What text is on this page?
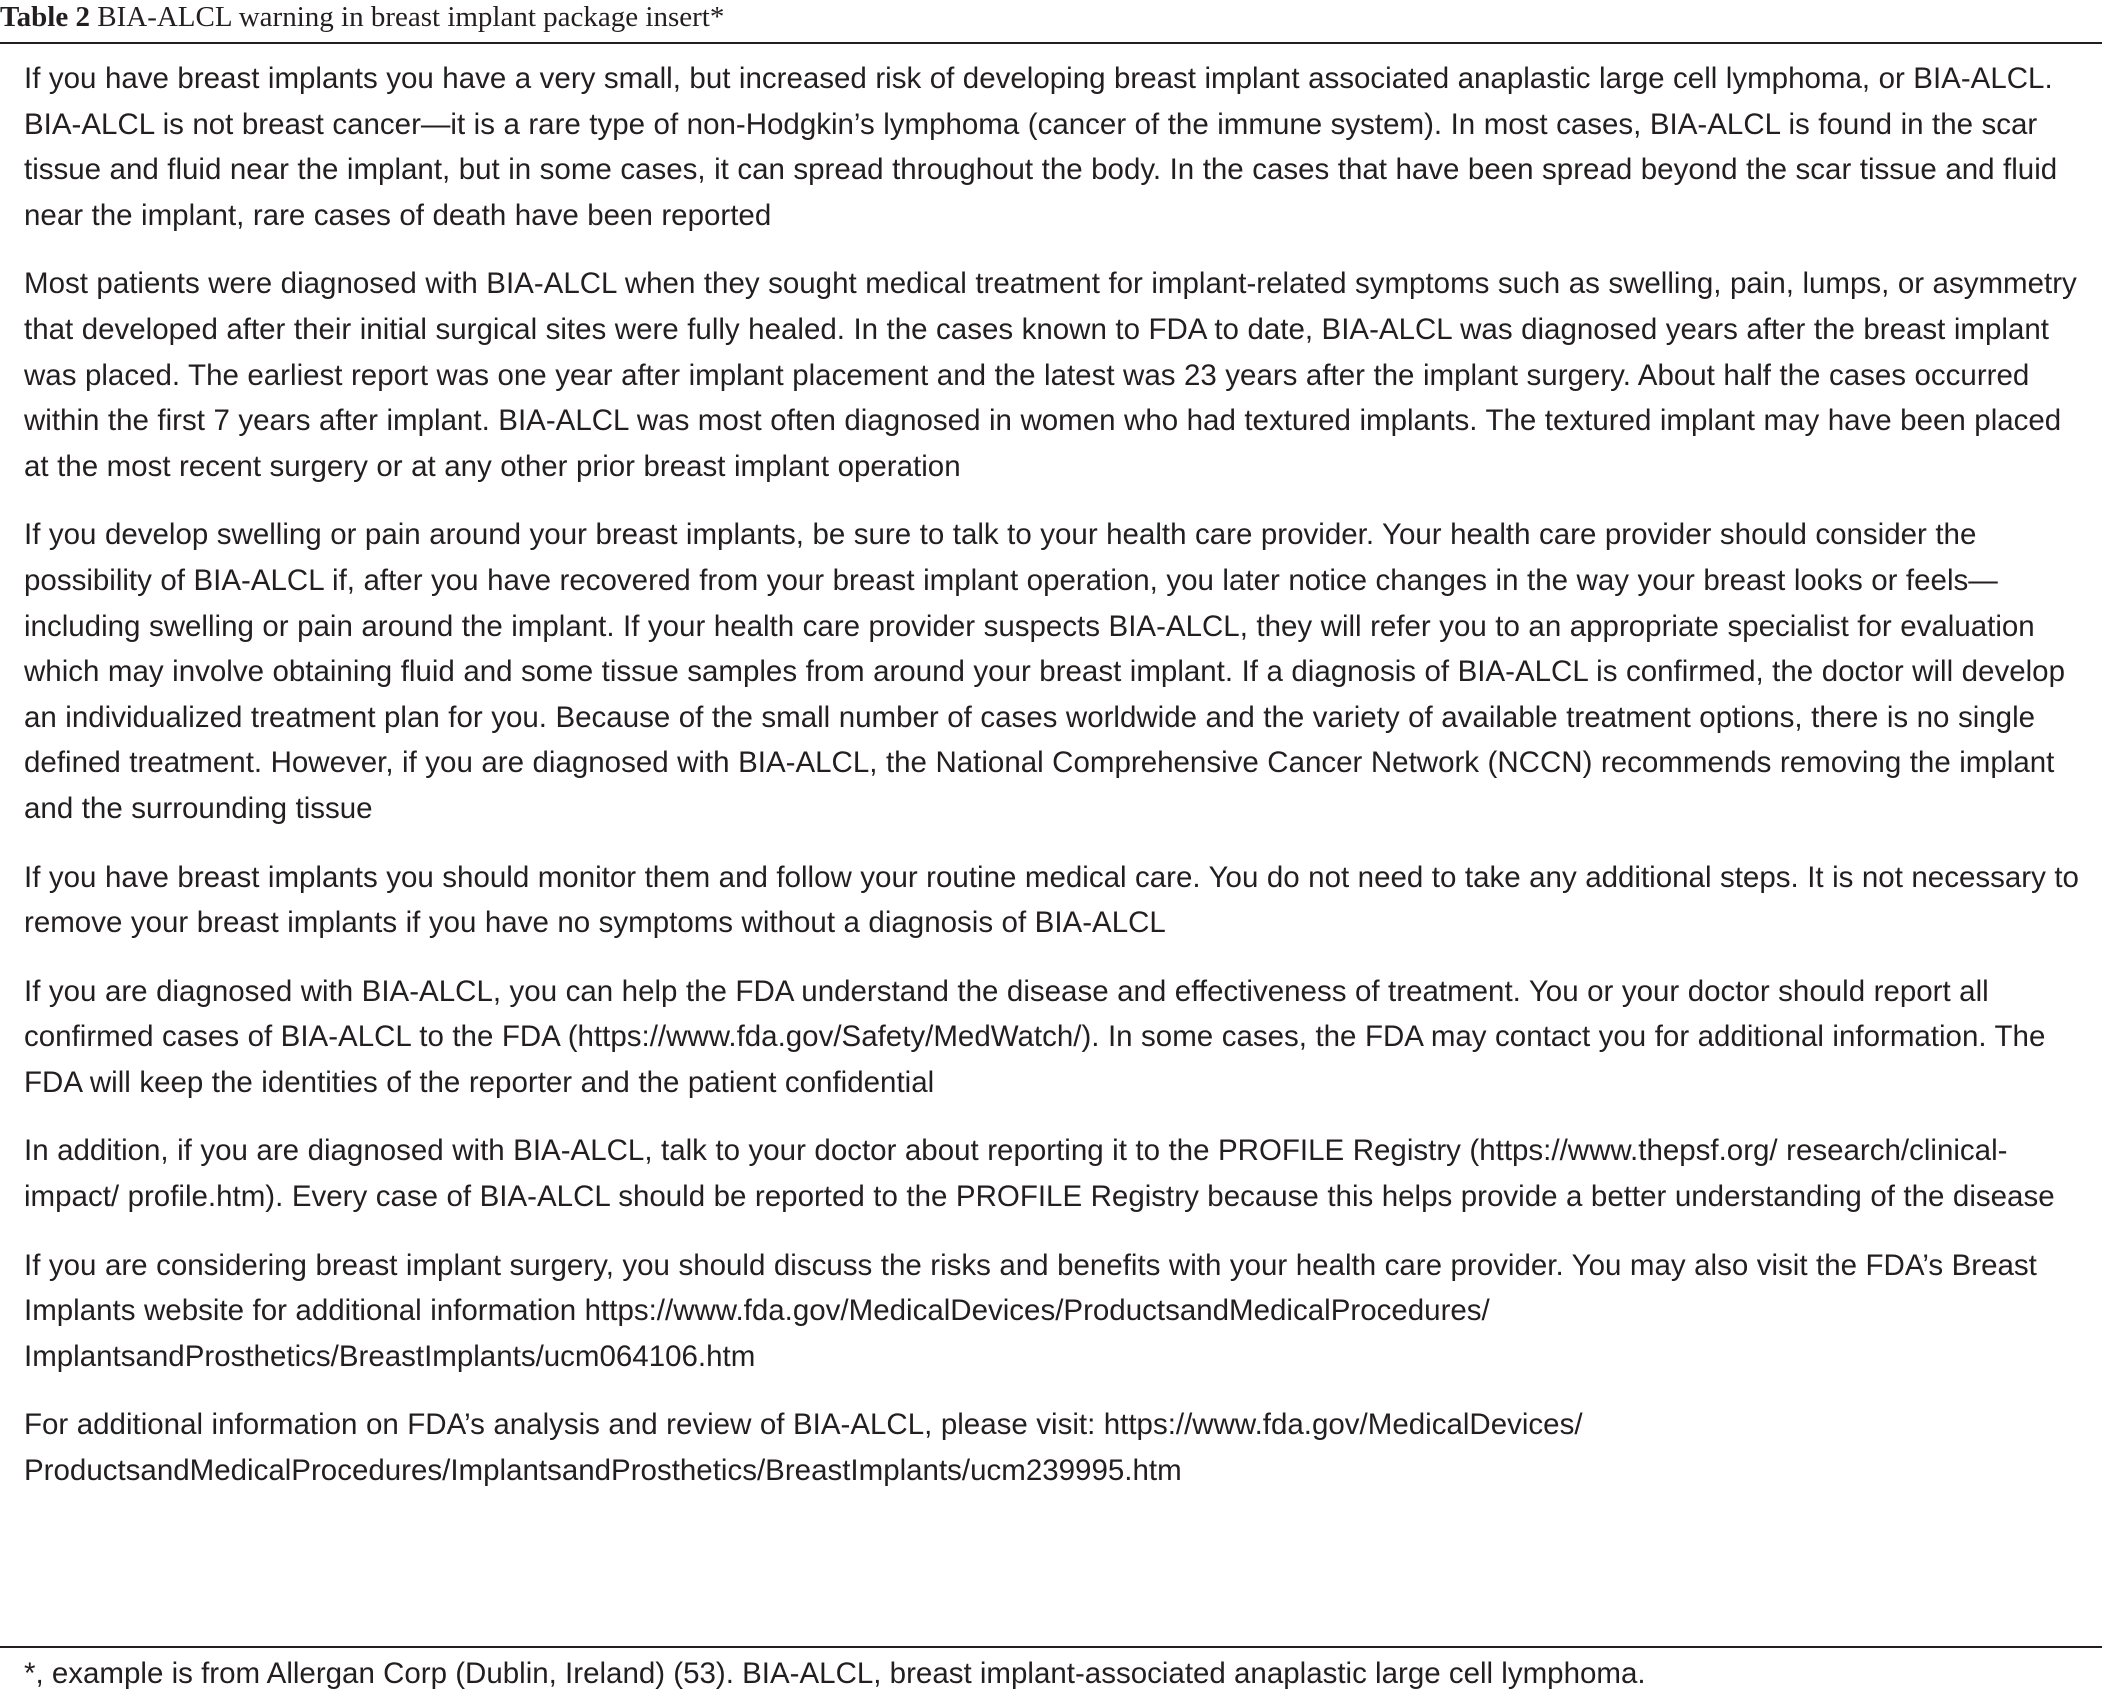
Table 2 BIA-ALCL warning in breast implant package insert*

If you have breast implants you have a very small, but increased risk of developing breast implant associated anaplastic large cell lymphoma, or BIA-ALCL. BIA-ALCL is not breast cancer—it is a rare type of non-Hodgkin’s lymphoma (cancer of the immune system). In most cases, BIA-ALCL is found in the scar tissue and fluid near the implant, but in some cases, it can spread throughout the body. In the cases that have been spread beyond the scar tissue and fluid near the implant, rare cases of death have been reported

Most patients were diagnosed with BIA-ALCL when they sought medical treatment for implant-related symptoms such as swelling, pain, lumps, or asymmetry that developed after their initial surgical sites were fully healed. In the cases known to FDA to date, BIA-ALCL was diagnosed years after the breast implant was placed. The earliest report was one year after implant placement and the latest was 23 years after the implant surgery. About half the cases occurred within the first 7 years after implant. BIA-ALCL was most often diagnosed in women who had textured implants. The textured implant may have been placed at the most recent surgery or at any other prior breast implant operation

If you develop swelling or pain around your breast implants, be sure to talk to your health care provider. Your health care provider should consider the possibility of BIA-ALCL if, after you have recovered from your breast implant operation, you later notice changes in the way your breast looks or feels—including swelling or pain around the implant. If your health care provider suspects BIA-ALCL, they will refer you to an appropriate specialist for evaluation which may involve obtaining fluid and some tissue samples from around your breast implant. If a diagnosis of BIA-ALCL is confirmed, the doctor will develop an individualized treatment plan for you. Because of the small number of cases worldwide and the variety of available treatment options, there is no single defined treatment. However, if you are diagnosed with BIA-ALCL, the National Comprehensive Cancer Network (NCCN) recommends removing the implant and the surrounding tissue

If you have breast implants you should monitor them and follow your routine medical care. You do not need to take any additional steps. It is not necessary to remove your breast implants if you have no symptoms without a diagnosis of BIA-ALCL

If you are diagnosed with BIA-ALCL, you can help the FDA understand the disease and effectiveness of treatment. You or your doctor should report all confirmed cases of BIA-ALCL to the FDA (https://www.fda.gov/Safety/MedWatch/). In some cases, the FDA may contact you for additional information. The FDA will keep the identities of the reporter and the patient confidential

In addition, if you are diagnosed with BIA-ALCL, talk to your doctor about reporting it to the PROFILE Registry (https://www.thepsf.org/ research/clinical-impact/ profile.htm). Every case of BIA-ALCL should be reported to the PROFILE Registry because this helps provide a better understanding of the disease

If you are considering breast implant surgery, you should discuss the risks and benefits with your health care provider. You may also visit the FDA’s Breast Implants website for additional information https://www.fda.gov/MedicalDevices/ProductsandMedicalProcedures/ ImplantsandProsthetics/BreastImplants/ucm064106.htm

For additional information on FDA’s analysis and review of BIA-ALCL, please visit: https://www.fda.gov/MedicalDevices/ ProductsandMedicalProcedures/ImplantsandProsthetics/BreastImplants/ucm239995.htm

*, example is from Allergan Corp (Dublin, Ireland) (53). BIA-ALCL, breast implant-associated anaplastic large cell lymphoma.
